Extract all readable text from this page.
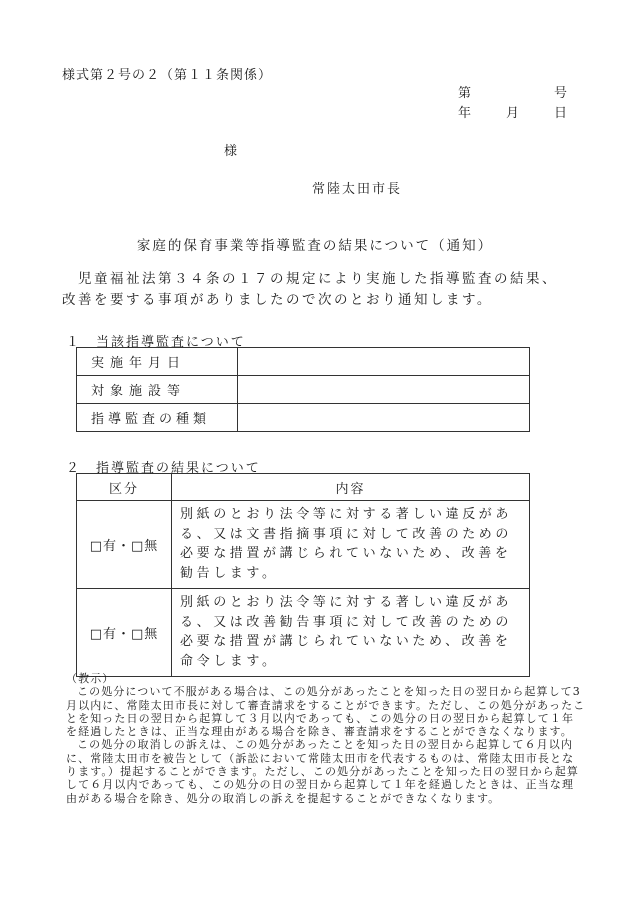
様式第２号の２（第１１条関係）
第	号
年	月	日
様
常陸太田市長
家庭的保育事業等指導監査の結果について（通知）
　児童福祉法第３４条の１７の規定により実施した指導監査の結果、改善を要する事項がありましたので次のとおり通知します。
１　当該指導監査について
実施年月日	
対象施設等	
指導監査の種類	
２　指導監査の結果について
区分	内容
□有・□無	別紙のとおり法令等に対する著しい違反がある、又は文書指摘事項に対して改善のための必要な措置が講じられていないため、改善を勧告します。
□有・□無	別紙のとおり法令等に対する著しい違反がある、又は改善勧告事項に対して改善のための必要な措置が講じられていないため、改善を命令します。

（教示）

この処分について不服がある場合は、この処分があったことを知った日の翌日から起算して3月以内に、常陸太田市長に対して審査請求をすることができます。ただし、この処分があったことを知った日の翌日から起算して３月以内であっても、この処分の日の翌日から起算して１年を経過したときは、正当な理由がある場合を除き、審査請求をすることができなくなります。

この処分の取消しの訴えは、この処分があったことを知った日の翌日から起算して６月以内に、常陸太田市を被告として（訴訟において常陸太田市を代表するものは、常陸太田市長となります。）提起することができます。ただし、この処分があったことを知った日の翌日から起算して６月以内であっても、この処分の日の翌日から起算して１年を経過したときは、正当な理由がある場合を除き、処分の取消しの訴えを提起することができなくなります。
